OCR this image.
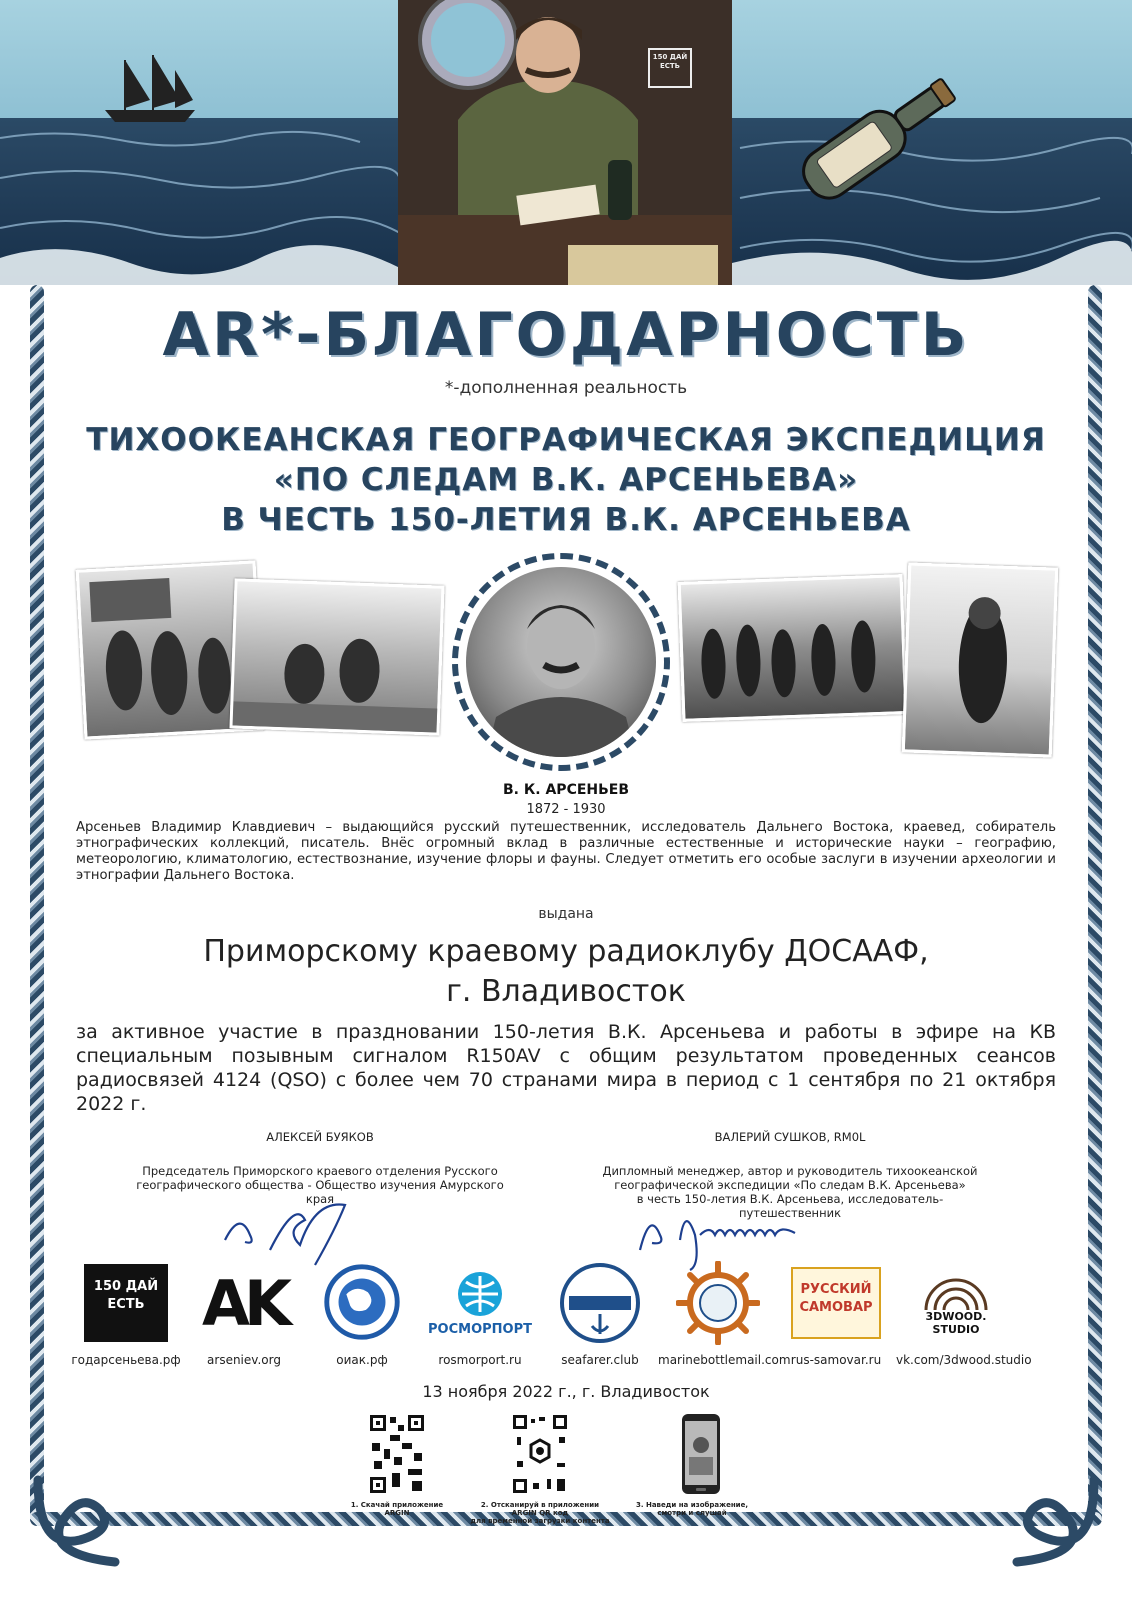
150 ДАЙ ЕСТЬ
AR*-БЛАГОДАРНОСТЬ
*-дополненная реальность
ТИХООКЕАНСКАЯ ГЕОГРАФИЧЕСКАЯ ЭКСПЕДИЦИЯ
«ПО СЛЕДАМ В.К. АРСЕНЬЕВА»
В ЧЕСТЬ 150-ЛЕТИЯ В.К. АРСЕНЬЕВА
В. К. АРСЕНЬЕВ
1872 - 1930
Арсеньев Владимир Клавдиевич – выдающийся русский путешественник, исследователь Дальнего Востока, краевед, собиратель этнографических коллекций, писатель. Внёс огромный вклад в различные естественные и исторические науки – географию, метеорологию, климатологию, естествознание, изучение флоры и фауны. Следует отметить его особые заслуги в изучении археологии и этнографии Дальнего Востока.
выдана
Приморскому краевому радиоклубу ДОСААФ,
г. Владивосток
за активное участие в праздновании 150-летия В.К. Арсеньева и работы в эфире на КВ специальным позывным сигналом R150AV с общим результатом проведенных сеансов радиосвязей 4124 (QSO) с более чем 70 странами мира в период с 1 сентября по 21 октября 2022 г.
АЛЕКСЕЙ БУЯКОВ
Председатель Приморского краевого отделения Русского
географического общества - Общество изучения Амурского края
ВАЛЕРИЙ СУШКОВ, RM0L
Дипломный менеджер, автор и руководитель тихоокеанской
географической экспедиции «По следам В.К. Арсеньева»
в честь 150-летия В.К. Арсеньева, исследователь-путешественник
150 ДАЙ ЕСТЬ
годарсеньева.рф
AK
arseniev.org	оиак.рф
РОСМОРПОРТ
rosmorport.ru	seafarer.club	marinebottlemail.com
РУССКИЙ САМОВАР
rus-samovar.ru
3DWOOD. STUDIO
vk.com/3dwood.studio
13 ноября 2022 г., г. Владивосток
1. Скачай приложение
ARGIN
2. Отсканируй в приложении ARGIN QR код
для временной загрузки контента
3. Наведи на изображение,
смотри и слушай
